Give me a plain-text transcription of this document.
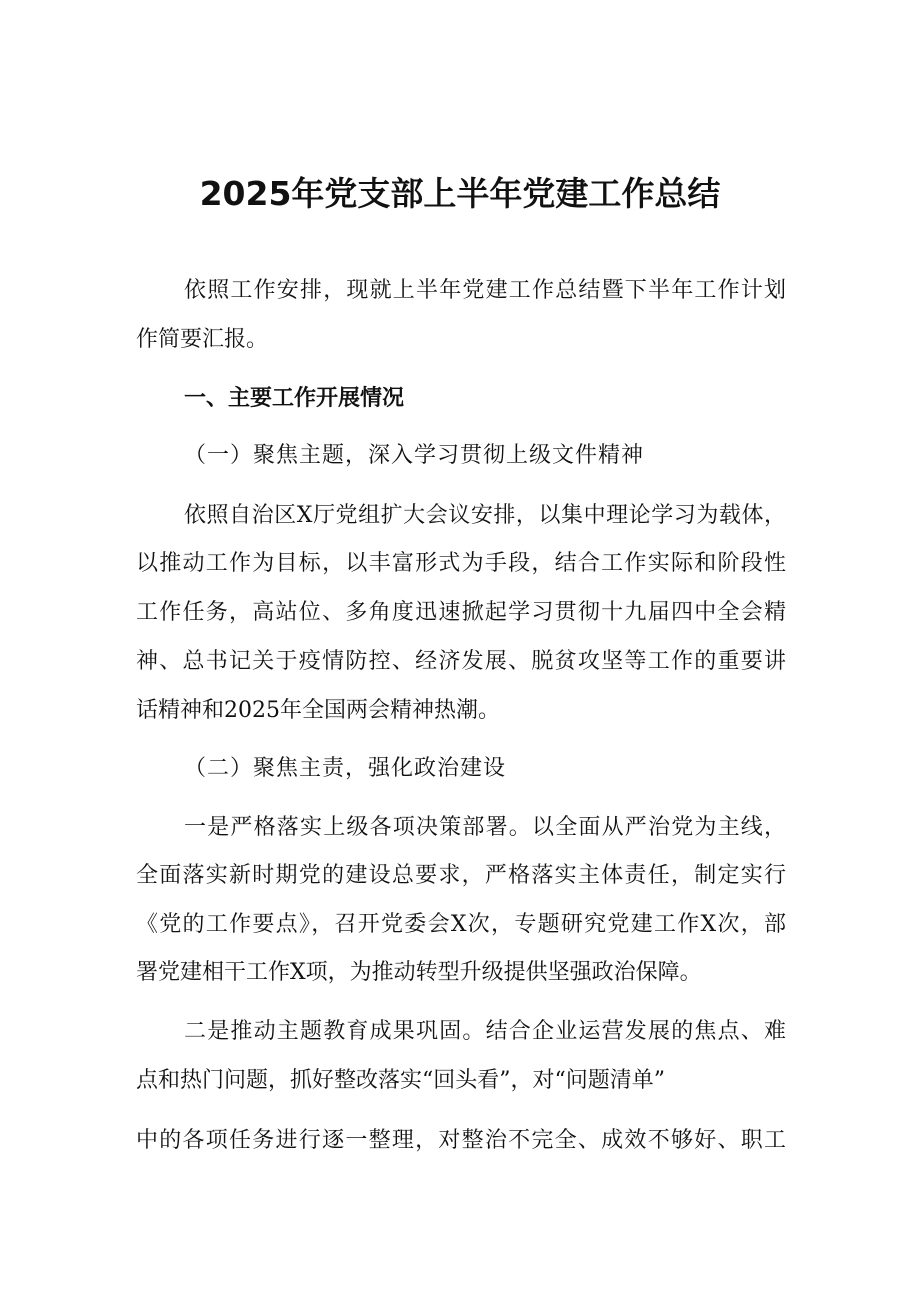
2025年党支部上半年党建工作总结
依照工作安排，现就上半年党建工作总结暨下半年工作计划
作简要汇报。
一、主要工作开展情况
（一）聚焦主题，深入学习贯彻上级文件精神
依照自治区X厅党组扩大会议安排，以集中理论学习为载体，
以推动工作为目标，以丰富形式为手段，结合工作实际和阶段性
工作任务，高站位、多角度迅速掀起学习贯彻十九届四中全会精
神、总书记关于疫情防控、经济发展、脱贫攻坚等工作的重要讲
话精神和2025年全国两会精神热潮。
（二）聚焦主责，强化政治建设
一是严格落实上级各项决策部署。以全面从严治党为主线，
全面落实新时期党的建设总要求，严格落实主体责任，制定实行
《党的工作要点》，召开党委会X次，专题研究党建工作X次，部
署党建相干工作X项，为推动转型升级提供坚强政治保障。
二是推动主题教育成果巩固。结合企业运营发展的焦点、难
点和热门问题，抓好整改落实“回头看”，对“问题清单”
中的各项任务进行逐一整理，对整治不完全、成效不够好、职工
